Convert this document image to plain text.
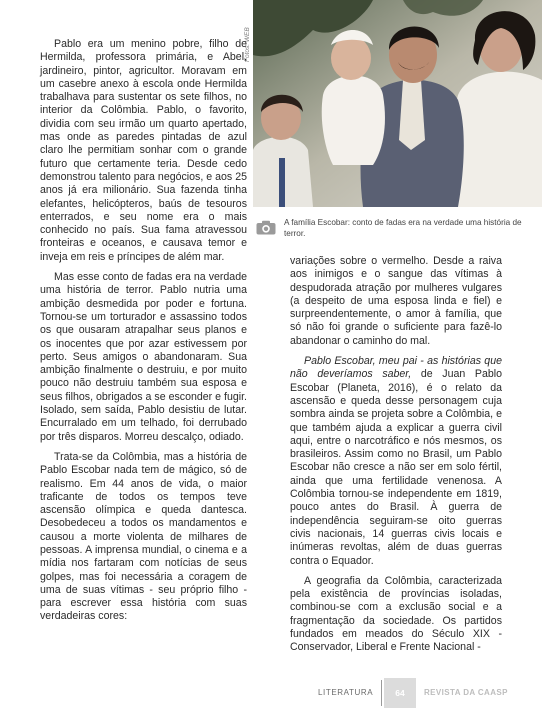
Fotos: WEB
A família Escobar: conto de fadas era na verdade uma história de terror.

Pablo era um menino pobre, filho de Hermilda, professora primária, e Abel, jardineiro, pintor, agricultor. Moravam em um casebre anexo à escola onde Hermilda trabalhava para sustentar os sete filhos, no interior da Colômbia. Pablo, o favorito, dividia com seu irmão um quarto apertado, mas onde as paredes pintadas de azul claro lhe permitiam sonhar com o grande futuro que certamente teria. Desde cedo demonstrou talento para negócios, e aos 25 anos já era milionário. Sua fazenda tinha elefantes, helicópteros, baús de tesouros enterrados, e seu nome era o mais conhecido no país. Sua fama atravessou fronteiras e oceanos, e causava temor e inveja em reis e príncipes de além mar.

Mas esse conto de fadas era na verdade uma história de terror. Pablo nutria uma ambição desmedida por poder e fortuna. Tornou-se um torturador e assassino todos os que ousaram atrapalhar seus planos e os inocentes que por azar estivessem por perto. Seus amigos o abandonaram. Sua ambição finalmente o destruiu, e por muito pouco não destruiu também sua esposa e seus filhos, obrigados a se esconder e fugir. Isolado, sem saída, Pablo desistiu de lutar. Encurralado em um telhado, foi derrubado por três disparos. Morreu descalço, odiado.

Trata-se da Colômbia, mas a história de Pablo Escobar nada tem de mágico, só de realismo. Em 44 anos de vida, o maior traficante de todos os tempos teve ascensão olímpica e queda dantesca. Desobedeceu a todos os mandamentos e causou a morte violenta de milhares de pessoas. A imprensa mundial, o cinema e a mídia nos fartaram com notícias de seus golpes, mas foi necessária a coragem de uma de suas vítimas - seu próprio filho - para escrever essa história com suas verdadeiras cores:

variações sobre o vermelho. Desde a raiva aos inimigos e o sangue das vítimas à despudorada atração por mulheres vulgares (a despeito de uma esposa linda e fiel) e surpreendentemente, o amor à família, que só não foi grande o suficiente para fazê-lo abandonar o caminho do mal.

Pablo Escobar, meu pai - as histórias que não deveríamos saber, de Juan Pablo Escobar (Planeta, 2016), é o relato da ascensão e queda desse personagem cuja sombra ainda se projeta sobre a Colômbia, e que também ajuda a explicar a guerra civil aqui, entre o narcotráfico e nós mesmos, os brasileiros. Assim como no Brasil, um Pablo Escobar não cresce a não ser em solo fértil, ainda que uma fertilidade venenosa. A Colômbia tornou-se independente em 1819, pouco antes do Brasil. À guerra de independência seguiram-se oito guerras civis nacionais, 14 guerras civis locais e inúmeras revoltas, além de duas guerras contra o Equador.

A geografia da Colômbia, caracterizada pela existência de províncias isoladas, combinou-se com a exclusão social e a fragmentação da sociedade. Os partidos fundados em meados do Século XIX - Conservador, Liberal e Frente Nacional -

LITERATURA	64	REVISTA DA CAASP
